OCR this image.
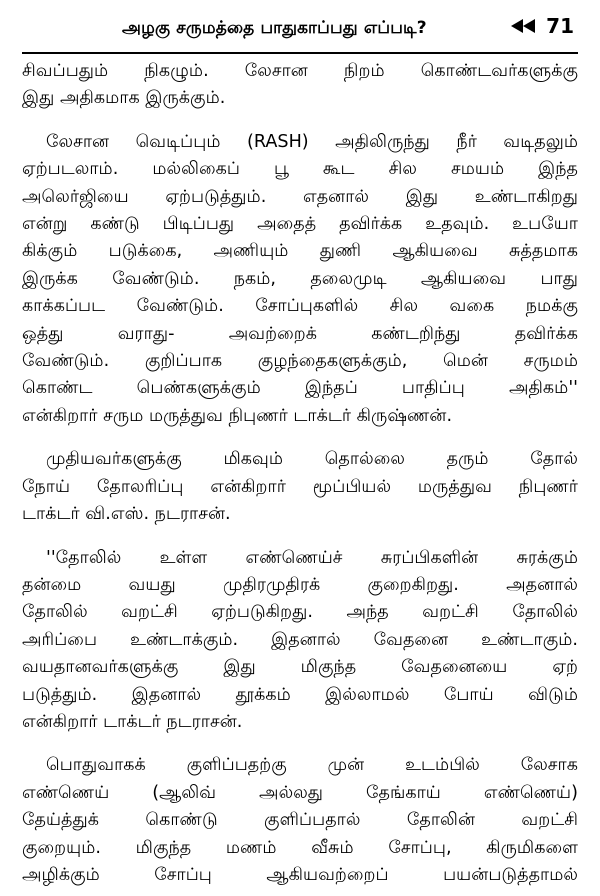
அழகு சருமத்தை பாதுகாப்பது எப்படி?	71
சிவப்பதும் நிகழும். லேசான நிறம் கொண்டவர்களுக்கு
இது அதிகமாக இருக்கும்.
லேசான வெடிப்பும் (RASH) அதிலிருந்து நீர் வடிதலும்
ஏற்படலாம். மல்லிகைப் பூ கூட சில சமயம் இந்த
அலெர்ஜியை ஏற்படுத்தும். எதனால் இது உண்டாகிறது
என்று கண்டு பிடிப்பது அதைத் தவிர்க்க உதவும். உபயோ
கிக்கும் படுக்கை, அணியும் துணி ஆகியவை சுத்தமாக
இருக்க வேண்டும். நகம், தலைமுடி ஆகியவை பாது
காக்கப்பட வேண்டும். சோப்புகளில் சில வகை நமக்கு
ஒத்து வராது- அவற்றைக் கண்டறிந்து தவிர்க்க
வேண்டும். குறிப்பாக குழந்தைகளுக்கும், மென் சருமம்
கொண்ட பெண்களுக்கும் இந்தப் பாதிப்பு அதிகம்''
என்கிறார் சரும மருத்துவ நிபுணர் டாக்டர் கிருஷ்ணன்.
முதியவர்களுக்கு மிகவும் தொல்லை தரும் தோல்
நோய் தோலரிப்பு என்கிறார் மூப்பியல் மருத்துவ நிபுணர்
டாக்டர் வி.எஸ். நடராசன்.
''தோலில் உள்ள எண்ணெய்ச் சுரப்பிகளின் சுரக்கும்
தன்மை வயது முதிரமுதிரக் குறைகிறது. அதனால்
தோலில் வறட்சி ஏற்படுகிறது. அந்த வறட்சி தோலில்
அரிப்பை உண்டாக்கும். இதனால் வேதனை உண்டாகும்.
வயதானவர்களுக்கு இது மிகுந்த வேதனையை ஏற்
படுத்தும். இதனால் தூக்கம் இல்லாமல் போய் விடும்
என்கிறார் டாக்டர் நடராசன்.
பொதுவாகக் குளிப்பதற்கு முன் உடம்பில் லேசாக
எண்ணெய் (ஆலிவ் அல்லது தேங்காய் எண்ணெய்)
தேய்த்துக் கொண்டு குளிப்பதால் தோலின் வறட்சி
குறையும். மிகுந்த மணம் வீசும் சோப்பு, கிருமிகளை
அழிக்கும் சோப்பு ஆகியவற்றைப் பயன்படுத்தாமல்
